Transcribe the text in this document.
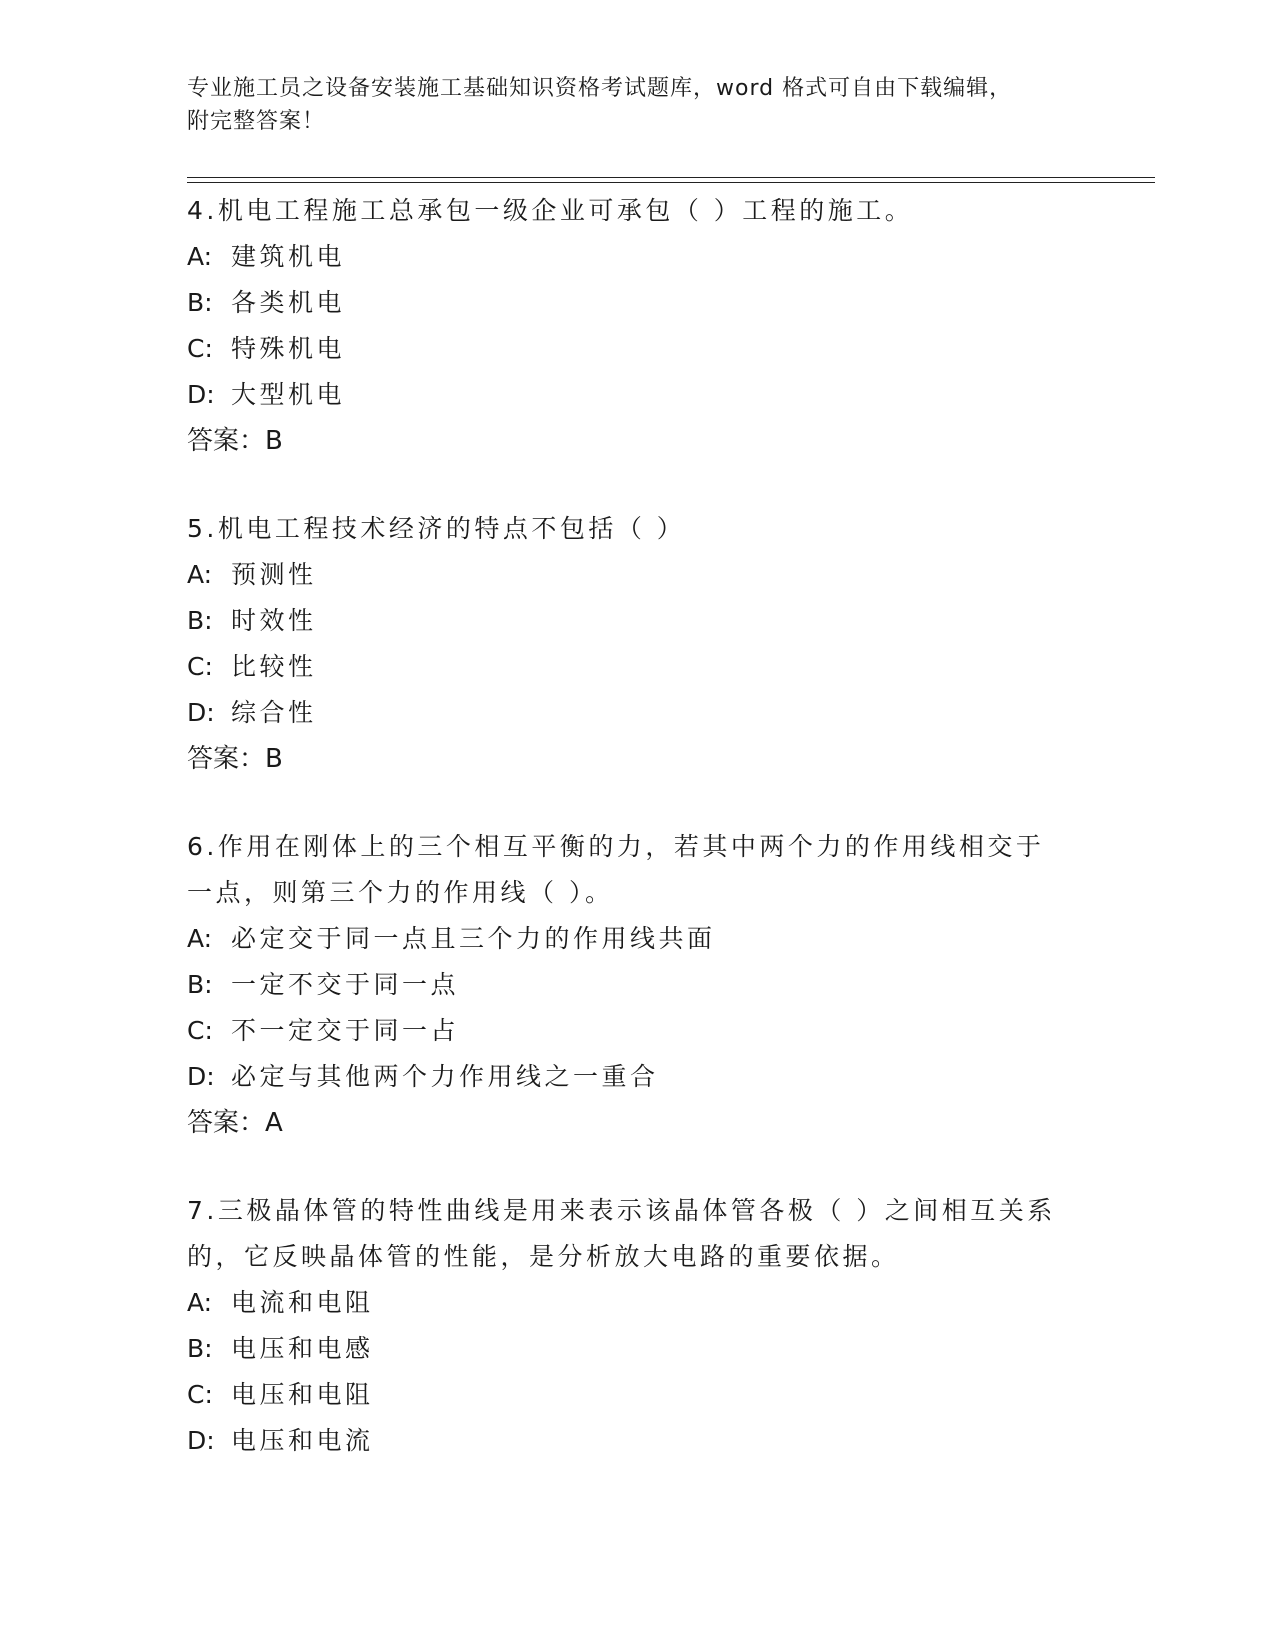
专业施工员之设备安装施工基础知识资格考试题库，word 格式可自由下载编辑，
附完整答案！

4.机电工程施工总承包一级企业可承包（ ）工程的施工。

A: 建筑机电

B: 各类机电

C: 特殊机电

D: 大型机电

答案：B

5.机电工程技术经济的特点不包括（ ）

A: 预测性

B: 时效性

C: 比较性

D: 综合性

答案：B

6.作用在刚体上的三个相互平衡的力，若其中两个力的作用线相交于

一点，则第三个力的作用线（ ）。

A: 必定交于同一点且三个力的作用线共面

B: 一定不交于同一点

C: 不一定交于同一占

D: 必定与其他两个力作用线之一重合

答案：A

7.三极晶体管的特性曲线是用来表示该晶体管各极（ ）之间相互关系

的，它反映晶体管的性能，是分析放大电路的重要依据。

A: 电流和电阻

B: 电压和电感

C: 电压和电阻

D: 电压和电流
